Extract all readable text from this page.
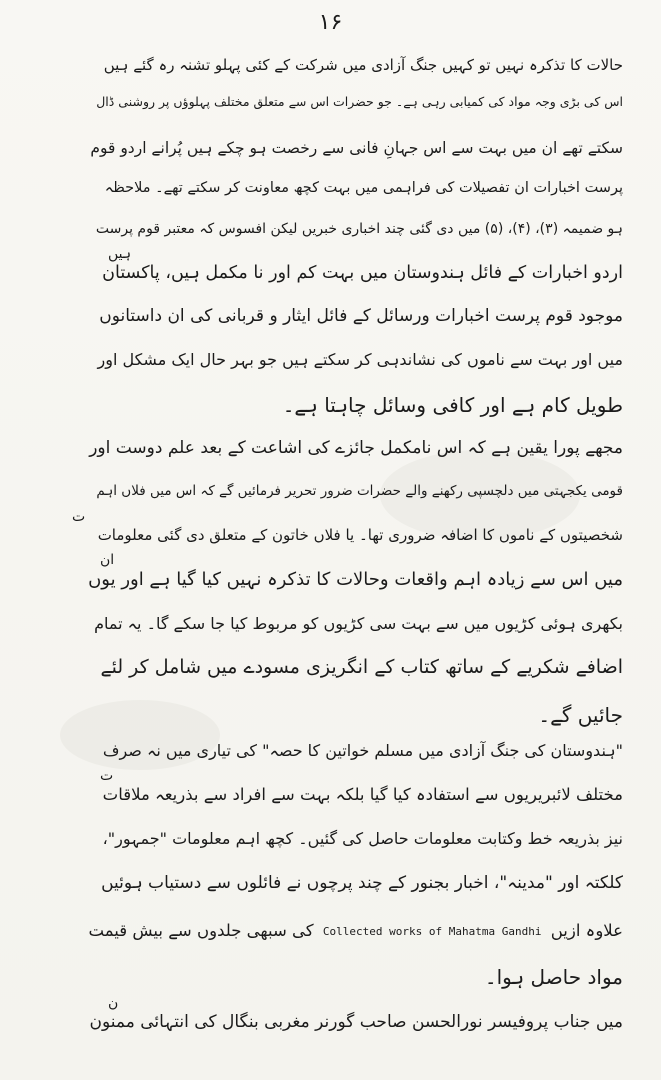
۱۶
حالات کا تذکرہ نہیں تو کہیں جنگ آزادی میں شرکت کے کئی پہلو تشنہ رہ گئے ہیں
اس کی بڑی وجہ مواد کی کمیابی رہی ہے۔ جو حضرات اس سے متعلق مختلف پہلوؤں پر روشنی ڈال
سکتے تھے ان میں بہت سے اس جہانِ فانی سے رخصت ہو چکے ہیں پُرانے اردو قوم
پرست اخبارات ان تفصیلات کی فراہمی میں بہت کچھ معاونت کر سکتے تھے۔ ملاحظہ
ہو ضمیمہ (۳)، (۴)، (۵) میں دی گئی چند اخباری خبریں لیکن افسوس کہ معتبر قوم پرست
اردو اخبارات کے فائل ہندوستان میں بہت کم اور نا مکمل ہیں، پاکستان
موجود قوم پرست اخبارات ورسائل کے فائل ایثار و قربانی کی ان داستانوں
میں اور بہت سے ناموں کی نشاندہی کر سکتے ہیں جو بہر حال ایک مشکل اور
طویل کام ہے اور کافی وسائل چاہتا ہے۔
مجھے پورا یقین ہے کہ اس نامکمل جائزے کی اشاعت کے بعد علم دوست اور
قومی یکجہتی میں دلچسپی رکھنے والے حضرات ضرور تحریر فرمائیں گے کہ اس میں فلاں اہم
شخصیتوں کے ناموں کا اضافہ ضروری تھا۔ یا فلاں خاتون کے متعلق دی گئی معلومات
میں اس سے زیادہ اہم واقعات وحالات کا تذکرہ نہیں کیا گیا ہے اور یوں
بکھری ہوئی کڑیوں میں سے بہت سی کڑیوں کو مربوط کیا جا سکے گا۔ یہ تمام
اضافے شکریے کے ساتھ کتاب کے انگریزی مسودے میں شامل کر لئے
جائیں گے۔
"ہندوستان کی جنگ آزادی میں مسلم خواتین کا حصہ" کی تیاری میں نہ صرف
مختلف لائبریریوں سے استفادہ کیا گیا بلکہ بہت سے افراد سے بذریعہ ملاقات
نیز بذریعہ خط وکتابت معلومات حاصل کی گئیں۔ کچھ اہم معلومات "جمہور"،
کلکتہ اور "مدینہ"، اخبار بجنور کے چند پرچوں نے فائلوں سے دستیاب ہوئیں
علاوہ ازیں Collected works of Mahatma Gandhi کی سبھی جلدوں سے بیش قیمت
مواد حاصل ہوا۔
میں جناب پروفیسر نورالحسن صاحب گورنر مغربی بنگال کی انتہائی ممنون
ہیں
ت
ان
ت
ن
